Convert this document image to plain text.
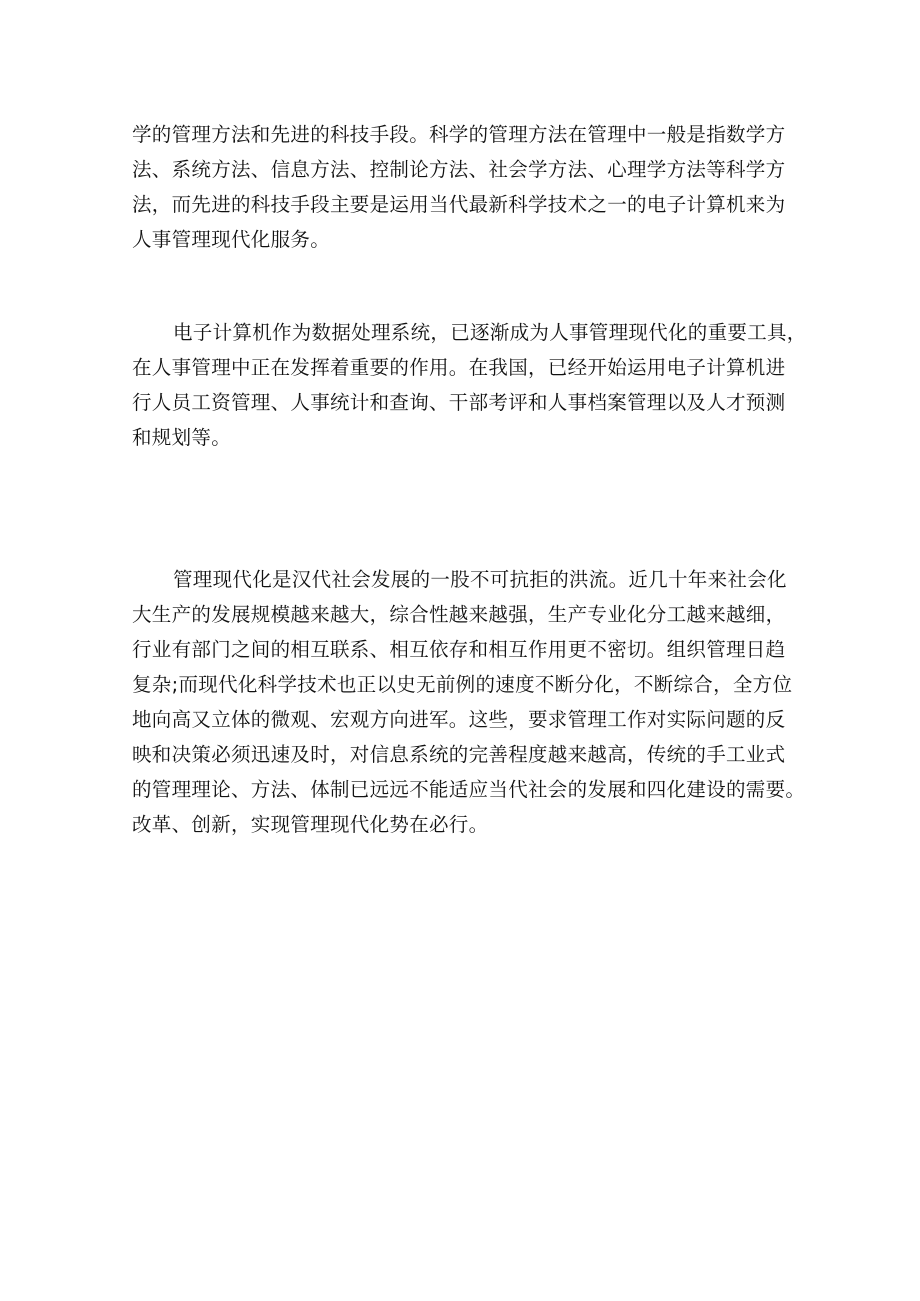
学的管理方法和先进的科技手段。科学的管理方法在管理中一般是指数学方
法、系统方法、信息方法、控制论方法、社会学方法、心理学方法等科学方
法，而先进的科技手段主要是运用当代最新科学技术之一的电子计算机来为
人事管理现代化服务。

电子计算机作为数据处理系统，已逐渐成为人事管理现代化的重要工具，
在人事管理中正在发挥着重要的作用。在我国，已经开始运用电子计算机进
行人员工资管理、人事统计和查询、干部考评和人事档案管理以及人才预测
和规划等。

管理现代化是汉代社会发展的一股不可抗拒的洪流。近几十年来社会化
大生产的发展规模越来越大，综合性越来越强，生产专业化分工越来越细，
行业有部门之间的相互联系、相互依存和相互作用更不密切。组织管理日趋
复杂;而现代化科学技术也正以史无前例的速度不断分化，不断综合，全方位
地向高又立体的微观、宏观方向进军。这些，要求管理工作对实际问题的反
映和决策必须迅速及时，对信息系统的完善程度越来越高，传统的手工业式
的管理理论、方法、体制已远远不能适应当代社会的发展和四化建设的需要。
改革、创新，实现管理现代化势在必行。
